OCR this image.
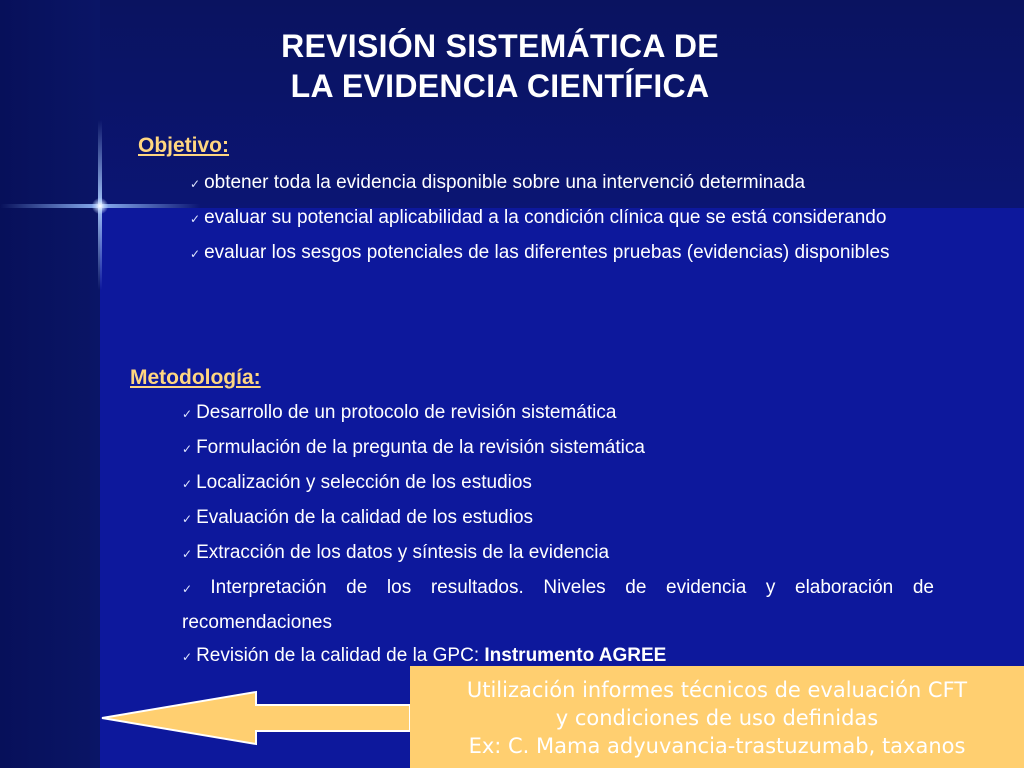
REVISIÓN SISTEMÁTICA DE
LA EVIDENCIA CIENTÍFICA
Objetivo:
✓ obtener toda la evidencia disponible sobre una intervenció determinada
✓ evaluar su potencial aplicabilidad a la condición clínica que se está considerando
✓ evaluar los sesgos potenciales de las diferentes pruebas (evidencias) disponibles
Metodología:
✓ Desarrollo de un protocolo de revisión sistemática
✓ Formulación de la pregunta de la revisión sistemática
✓ Localización y selección de los estudios
✓ Evaluación de la calidad de los estudios
✓ Extracción de los datos y síntesis de la evidencia
✓ Interpretación de los resultados. Niveles de evidencia y elaboración de recomendaciones
✓ Revisión de la calidad de la GPC: Instrumento AGREE
Utilización informes técnicos de evaluación CFT
y condiciones de uso definidas
Ex: C. Mama adyuvancia-trastuzumab, taxanos
